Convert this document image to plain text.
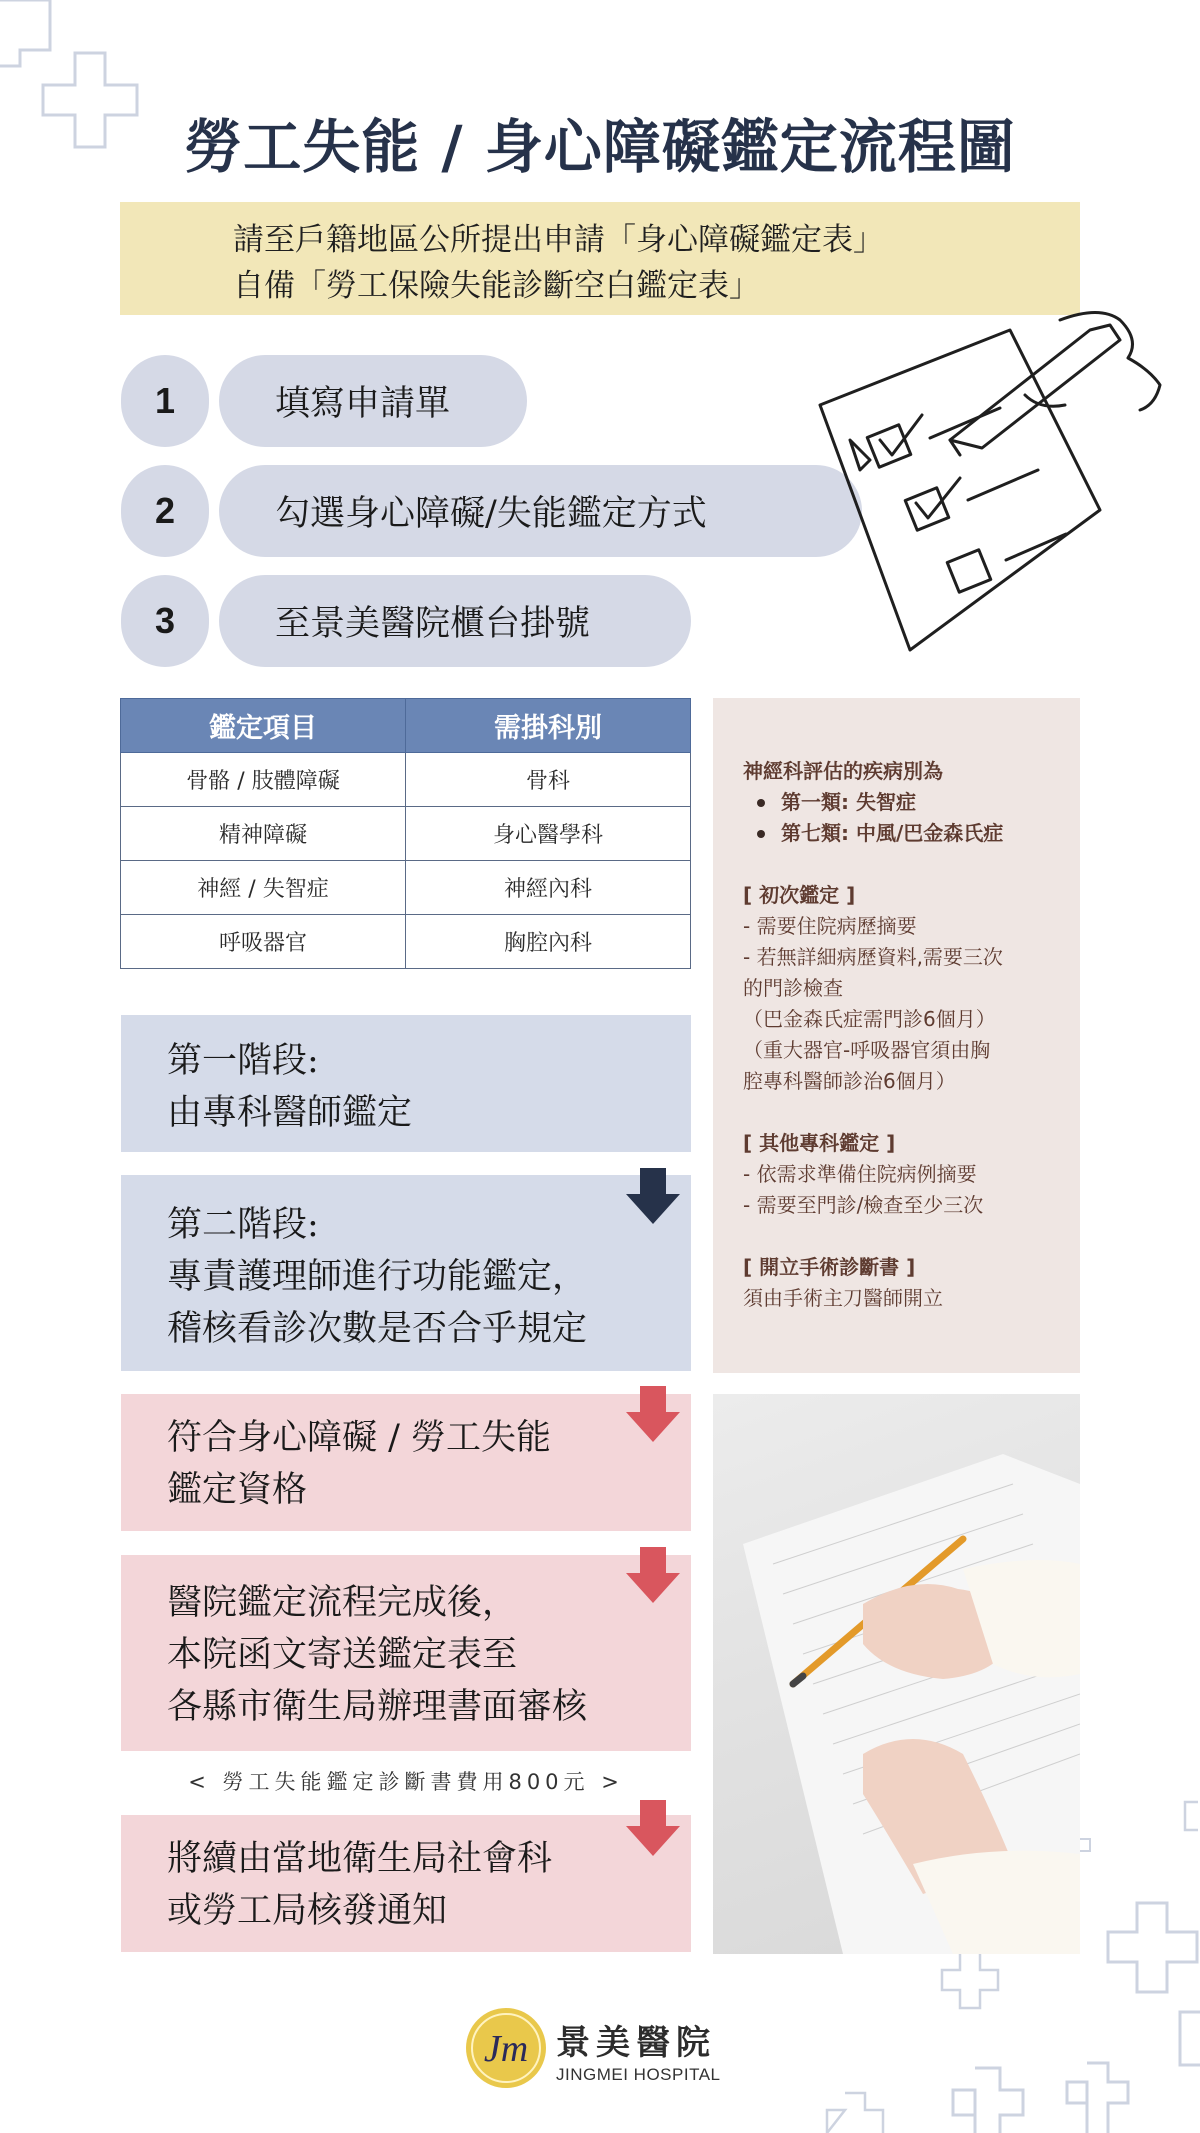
勞工失能 / 身心障礙鑑定流程圖
請至戶籍地區公所提出申請「身心障礙鑑定表」
自備「勞工保險失能診斷空白鑑定表」
1	填寫申請單
2	勾選身心障礙/失能鑑定方式
3	至景美醫院櫃台掛號
鑑定項目	需掛科別
骨骼 / 肢體障礙	骨科
精神障礙	身心醫學科
神經 / 失智症	神經內科
呼吸器官	胸腔內科
神經科評估的疾病別為
第一類: 失智症
第七類: 中風/巴金森氏症
[ 初次鑑定 ]
- 需要住院病歷摘要
- 若無詳細病歷資料,需要三次
的門診檢查
（巴金森氏症需門診6個月）
（重大器官-呼吸器官須由胸
腔專科醫師診治6個月）
[ 其他專科鑑定 ]
- 依需求準備住院病例摘要
- 需要至門診/檢查至少三次
[ 開立手術診斷書 ]
須由手術主刀醫師開立
第一階段:
由專科醫師鑑定
第二階段:
專責護理師進行功能鑑定，
稽核看診次數是否合乎規定
符合身心障礙 / 勞工失能
鑑定資格
醫院鑑定流程完成後，
本院函文寄送鑑定表至
各縣市衛生局辦理書面審核
< 勞工失能鑑定診斷書費用800元 >
將續由當地衛生局社會科
或勞工局核發通知
Jm 景美醫院
JINGMEI HOSPITAL
